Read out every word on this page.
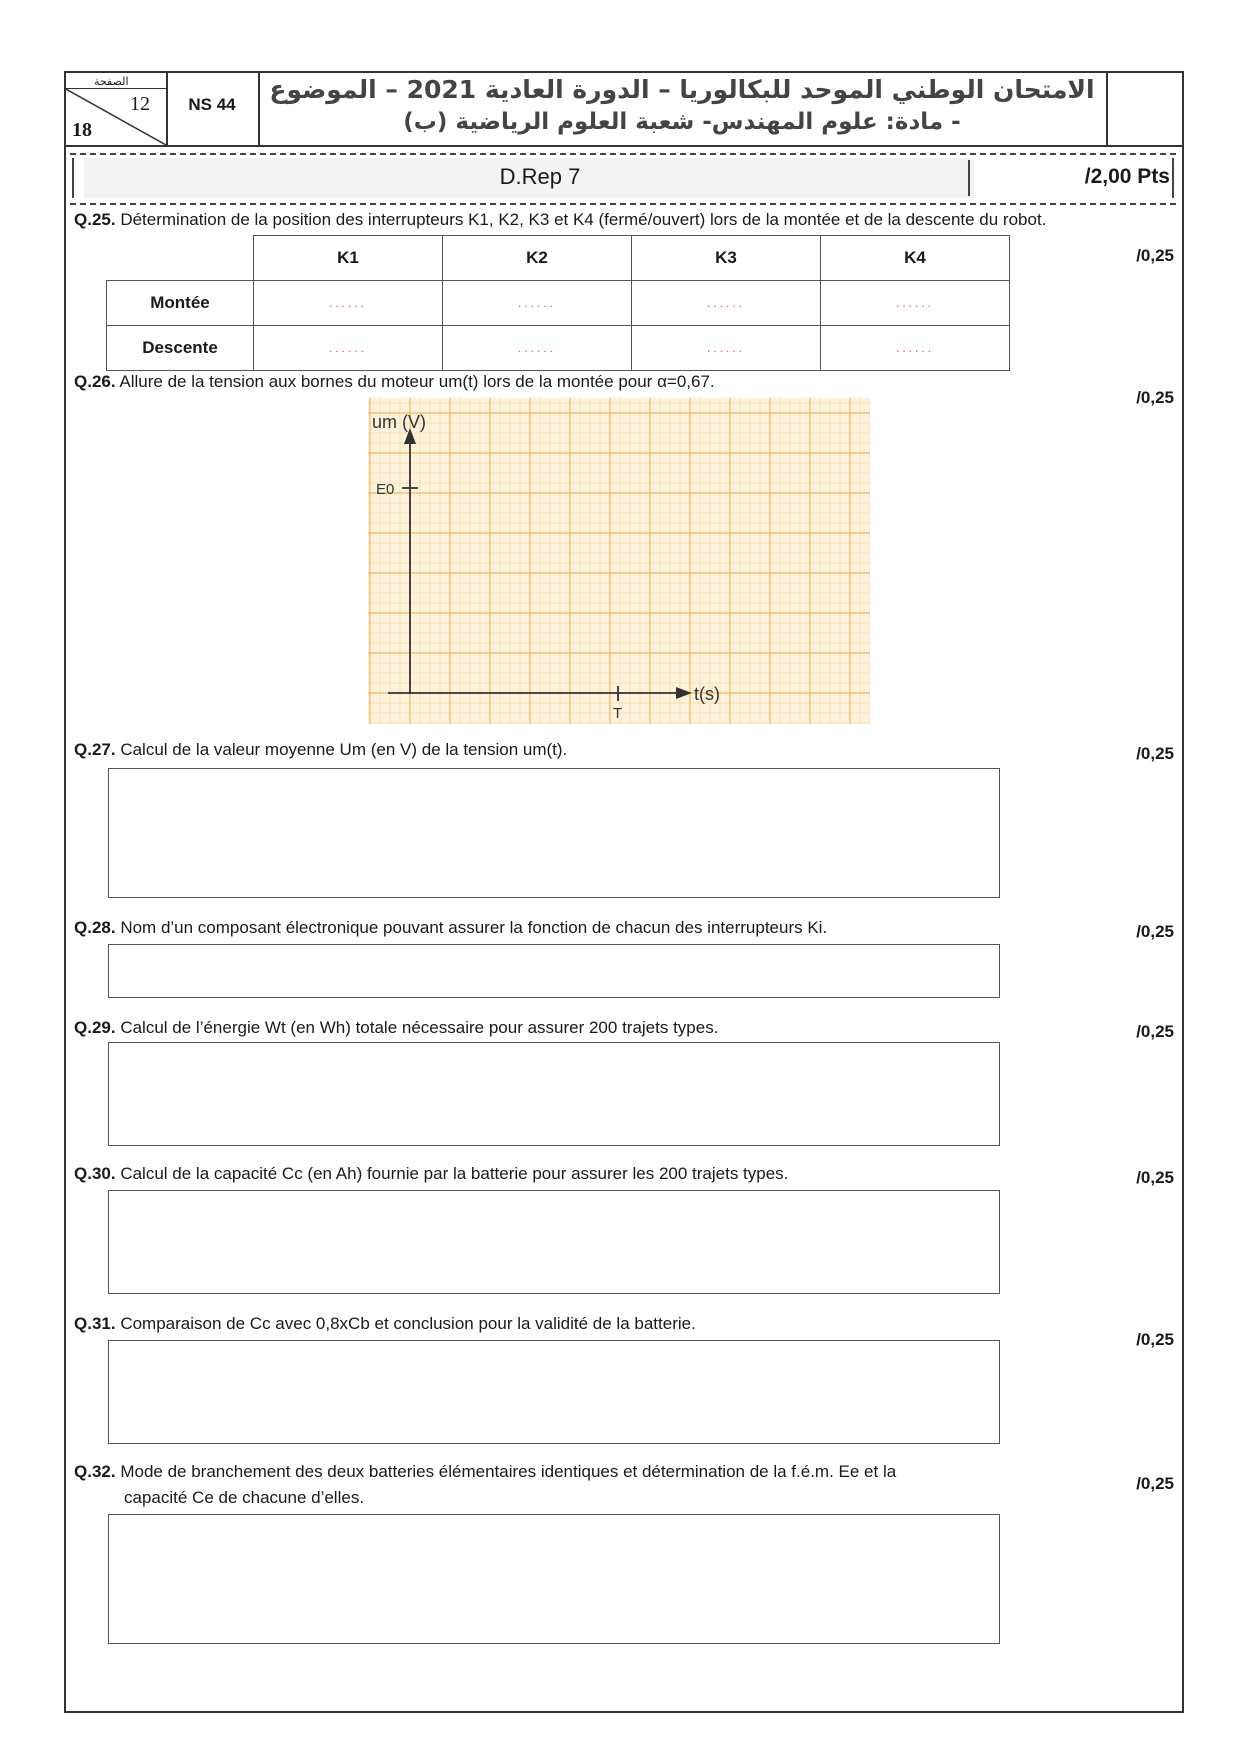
الصفحة
12
18
NS 44
الامتحان الوطني الموحد للبكالوريا – الدورة العادية 2021 – الموضوع
- مادة: علوم المهندس- شعبة العلوم الرياضية (ب)
D.Rep 7	/2,00 Pts
Q.25. Détermination de la position des interrupteurs K1, K2, K3 et K4 (fermé/ouvert) lors de la montée et de la descente du robot.
/0,25
	K1	K2	K3	K4
Montée	......	......	......	......
Descente	......	......	......	......
Q.26. Allure de la tension aux bornes du moteur um(t) lors de la montée pour α=0,67.
/0,25
E0
T
um (V)
t(s)
Q.27. Calcul de la valeur moyenne Um (en V) de la tension um(t).	/0,25
Q.28. Nom d’un composant électronique pouvant assurer la fonction de chacun des interrupteurs Ki.	/0,25
Q.29. Calcul de l’énergie Wt (en Wh) totale nécessaire pour assurer 200 trajets types.	/0,25
Q.30. Calcul de la capacité Cc (en Ah) fournie par la batterie pour assurer les 200 trajets types.	/0,25
Q.31. Comparaison de Cc avec 0,8xCb et conclusion pour la validité de la batterie.
/0,25
Q.32. Mode de branchement des deux batteries élémentaires identiques et détermination de la f.é.m. Ee et la
capacité Ce de chacune d’elles.
/0,25
